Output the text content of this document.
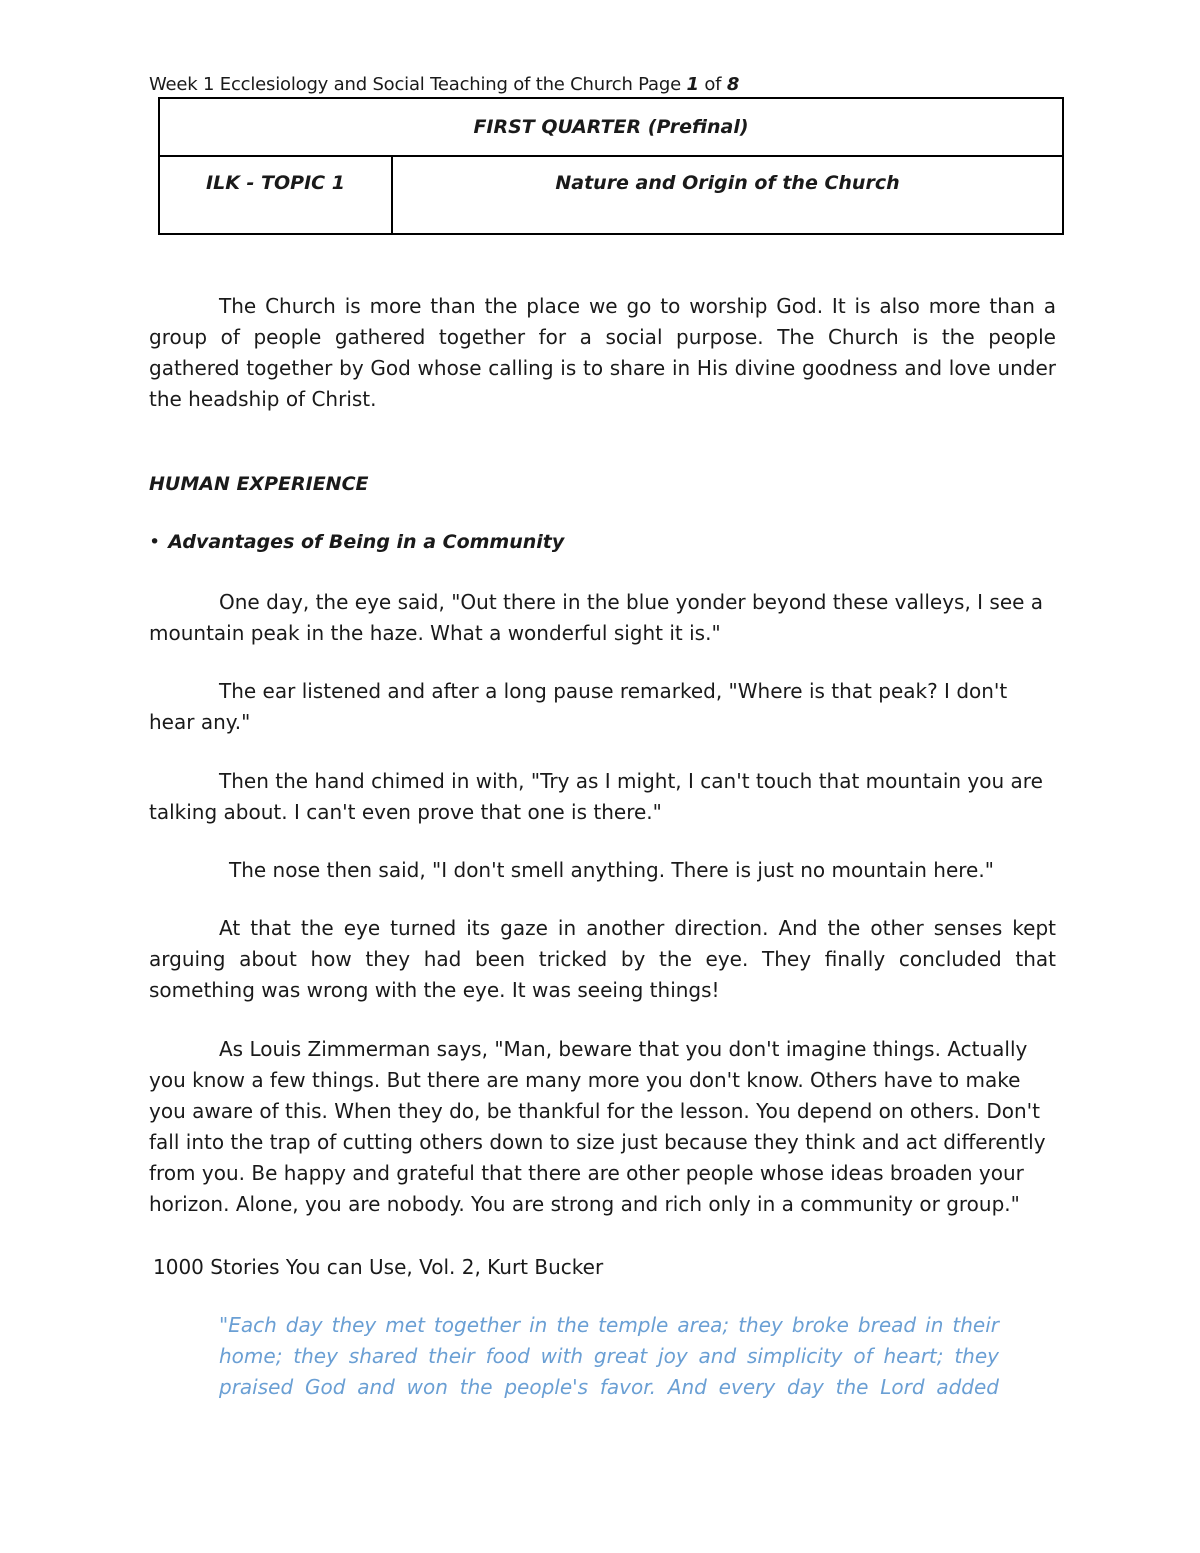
Week 1 Ecclesiology and Social Teaching of the Church Page 1 of 8
FIRST QUARTER (Prefinal)
ILK - TOPIC 1	Nature and Origin of the Church

The Church is more than the place we go to worship God. It is also more than a group of people gathered together for a social purpose. The Church is the people gathered together by God whose calling is to share in His divine goodness and love under the headship of Christ.

HUMAN EXPERIENCE

• Advantages of Being in a Community

One day, the eye said, "Out there in the blue yonder beyond these valleys, I see a mountain peak in the haze. What a wonderful sight it is."

The ear listened and after a long pause remarked, "Where is that peak? I don't hear any."

Then the hand chimed in with, "Try as I might, I can't touch that mountain you are talking about. I can't even prove that one is there."

The nose then said, "I don't smell anything. There is just no mountain here."

At that the eye turned its gaze in another direction. And the other senses kept arguing about how they had been tricked by the eye. They finally concluded that something was wrong with the eye. It was seeing things!

As Louis Zimmerman says, "Man, beware that you don't imagine things. Actually you know a few things. But there are many more you don't know. Others have to make you aware of this. When they do, be thankful for the lesson. You depend on others. Don't fall into the trap of cutting others down to size just because they think and act differently from you. Be happy and grateful that there are other people whose ideas broaden your horizon. Alone, you are nobody. You are strong and rich only in a community or group."

1000 Stories You can Use, Vol. 2, Kurt Bucker

"Each day they met together in the temple area; they broke bread in their home; they shared their food with great joy and simplicity of heart; they praised God and won the people's favor. And every day the Lord added
